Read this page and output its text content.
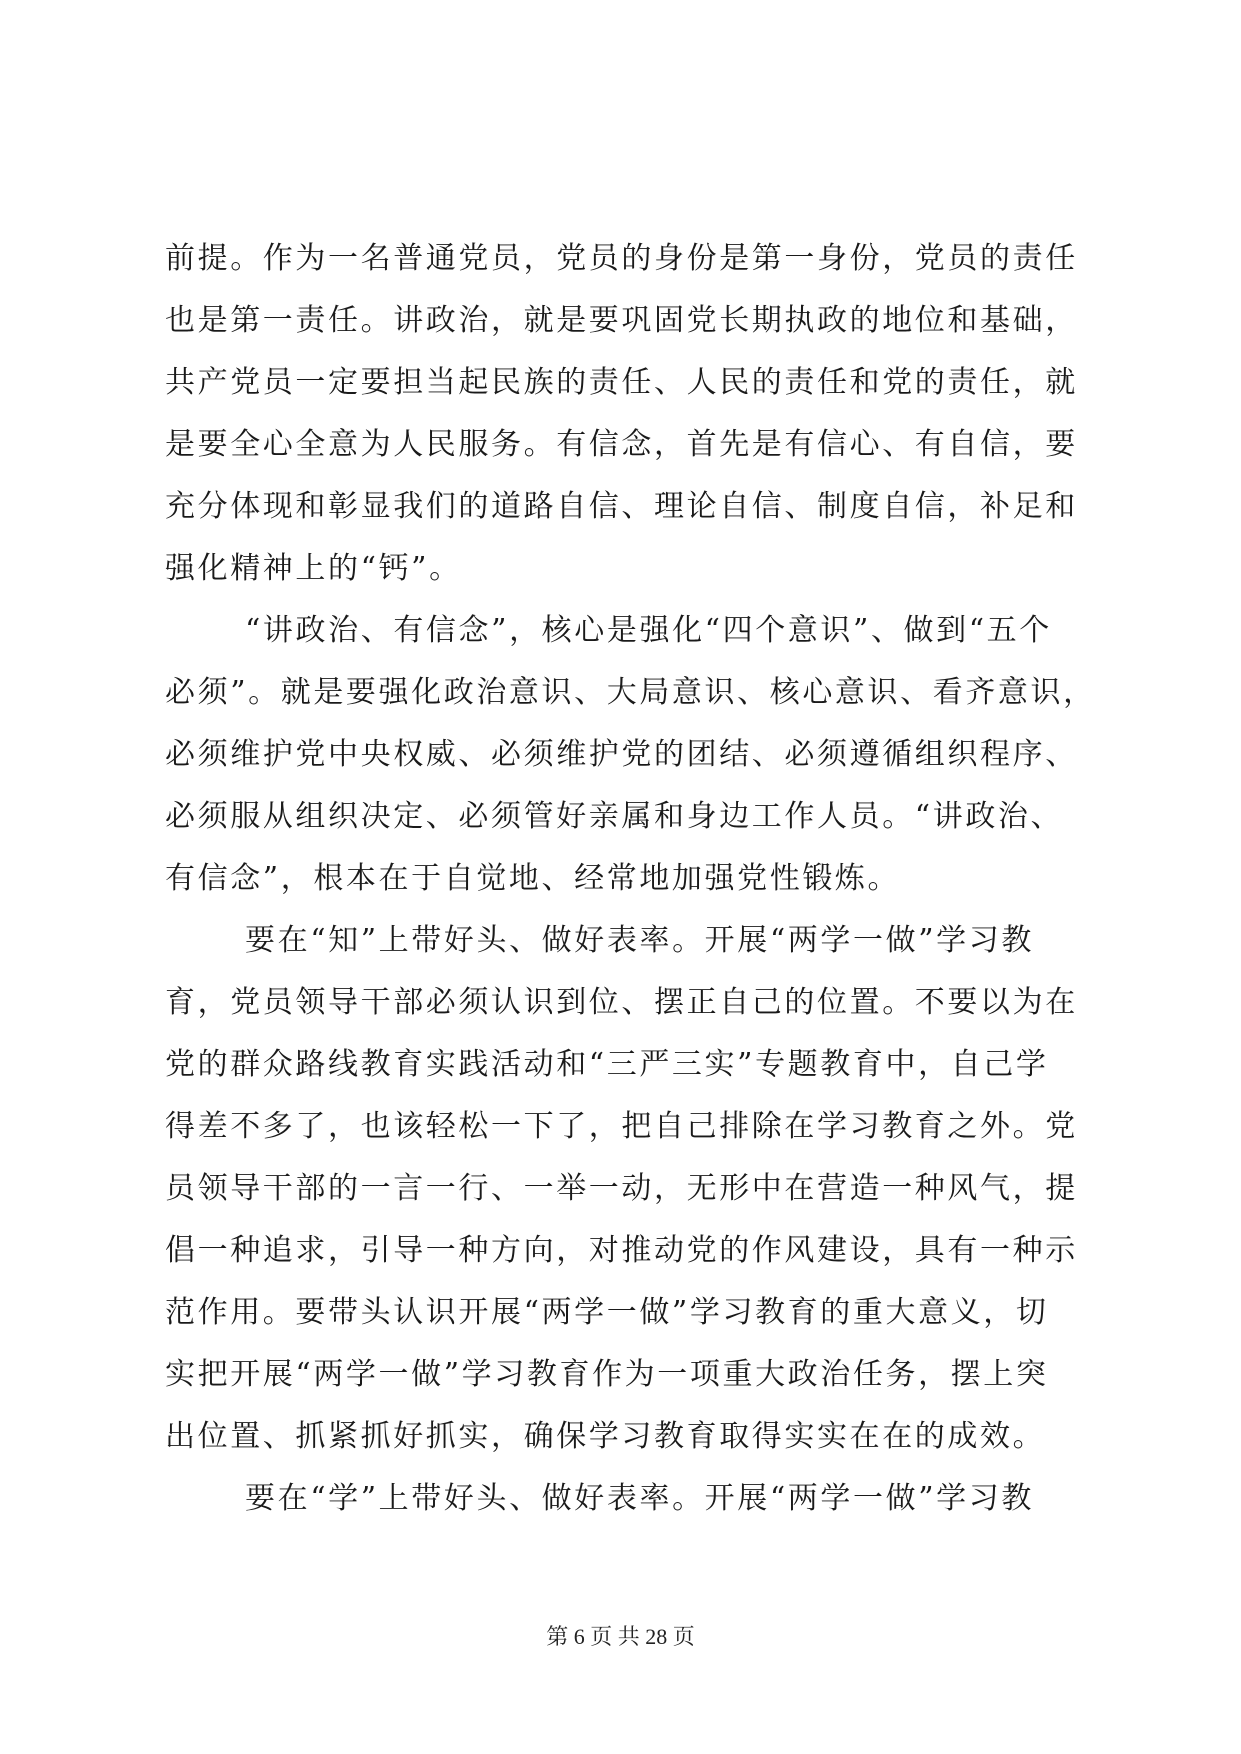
前提。作为一名普通党员，党员的身份是第一身份，党员的责任
也是第一责任。讲政治，就是要巩固党长期执政的地位和基础，
共产党员一定要担当起民族的责任、人民的责任和党的责任，就
是要全心全意为人民服务。有信念，首先是有信心、有自信，要
充分体现和彰显我们的道路自信、理论自信、制度自信，补足和
强化精神上的“钙”。
“讲政治、有信念”，核心是强化“四个意识”、做到“五个
必须”。就是要强化政治意识、大局意识、核心意识、看齐意识，
必须维护党中央权威、必须维护党的团结、必须遵循组织程序、
必须服从组织决定、必须管好亲属和身边工作人员。“讲政治、
有信念”，根本在于自觉地、经常地加强党性锻炼。
要在“知”上带好头、做好表率。开展“两学一做”学习教
育，党员领导干部必须认识到位、摆正自己的位置。不要以为在
党的群众路线教育实践活动和“三严三实”专题教育中，自己学
得差不多了，也该轻松一下了，把自己排除在学习教育之外。党
员领导干部的一言一行、一举一动，无形中在营造一种风气，提
倡一种追求，引导一种方向，对推动党的作风建设，具有一种示
范作用。要带头认识开展“两学一做”学习教育的重大意义，切
实把开展“两学一做”学习教育作为一项重大政治任务，摆上突
出位置、抓紧抓好抓实，确保学习教育取得实实在在的成效。
要在“学”上带好头、做好表率。开展“两学一做”学习教
第 6 页 共 28 页
